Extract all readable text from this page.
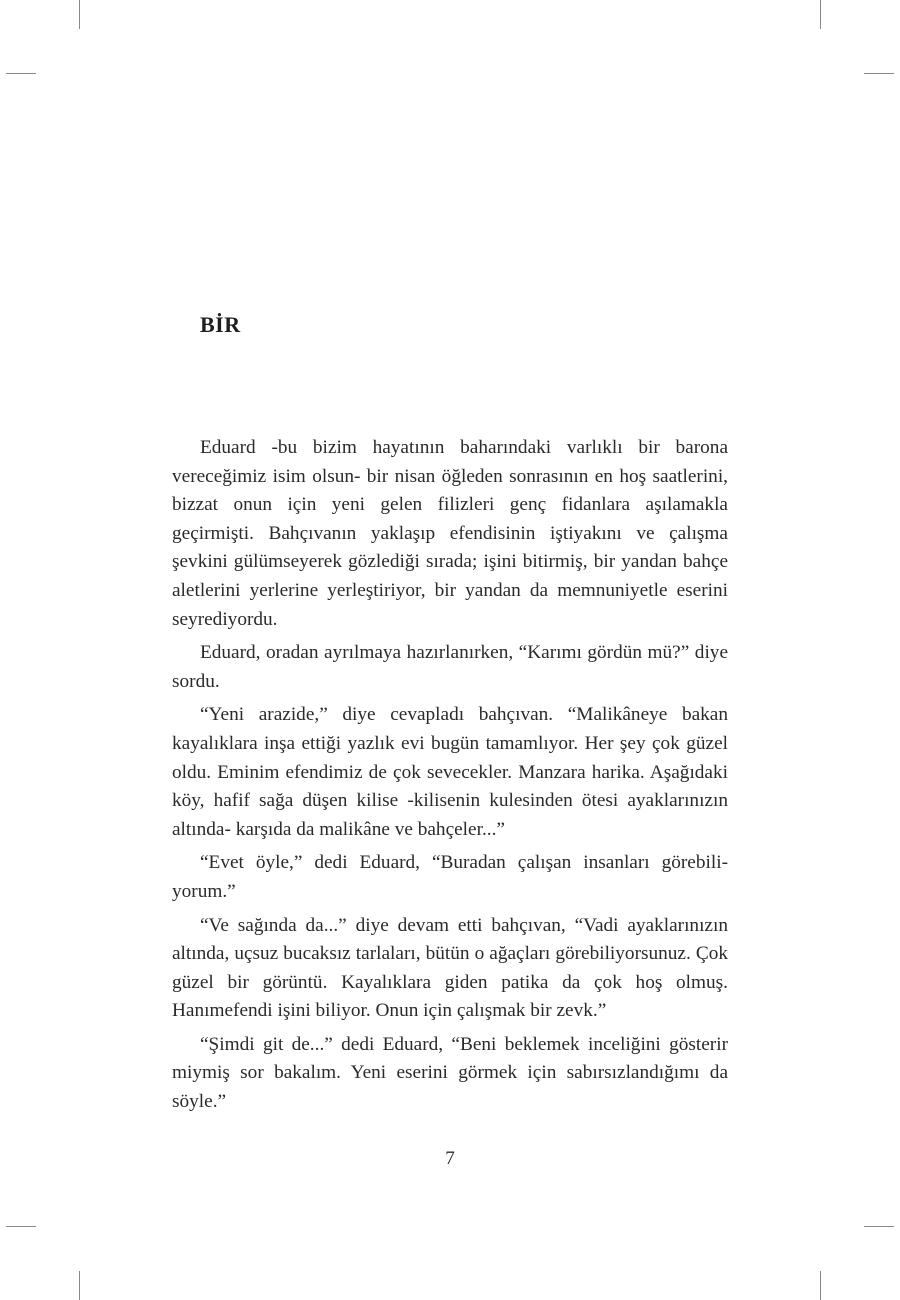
BİR

Eduard -bu bizim hayatının baharındaki varlıklı bir barona vereceğimiz isim olsun- bir nisan öğleden sonrasının en hoş saatlerini, bizzat onun için yeni gelen filizleri genç fidanlara aşılamakla geçirmişti. Bahçıvanın yaklaşıp efendisinin iştiyakını ve çalışma şevkini gülümseyerek gözlediği sırada; işini bitirmiş, bir yandan bahçe aletlerini yerlerine yerleştiriyor, bir yandan da memnuniyetle eserini seyrediyordu.

Eduard, oradan ayrılmaya hazırlanırken, “Karımı gördün mü?” diye sordu.

“Yeni arazide,” diye cevapladı bahçıvan. “Malikâneye bakan kayalıklara inşa ettiği yazlık evi bugün tamamlıyor. Her şey çok güzel oldu. Eminim efendimiz de çok sevecekler. Manzara harika. Aşağıdaki köy, hafif sağa düşen kilise -kilisenin kulesinden ötesi ayaklarınızın altında- karşıda da malikâne ve bahçeler...”

“Evet öyle,” dedi Eduard, “Buradan çalışan insanları görebiliyorum.”

“Ve sağında da...” diye devam etti bahçıvan, “Vadi ayaklarınızın altında, uçsuz bucaksız tarlaları, bütün o ağaçları görebiliyorsunuz. Çok güzel bir görüntü. Kayalıklara giden patika da çok hoş olmuş. Hanımefendi işini biliyor. Onun için çalışmak bir zevk.”

“Şimdi git de...” dedi Eduard, “Beni beklemek inceliğini gösterir miymiş sor bakalım. Yeni eserini görmek için sabırsızlandığımı da söyle.”

7
